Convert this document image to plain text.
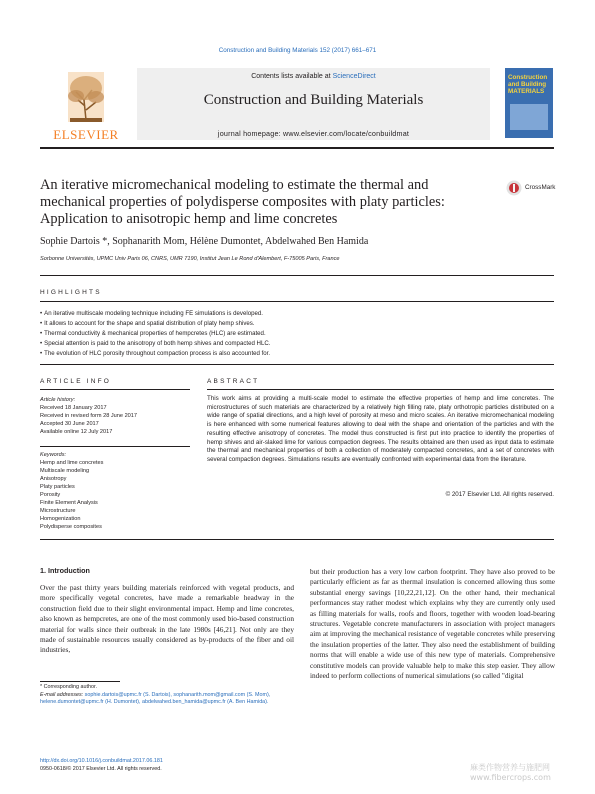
Construction and Building Materials 152 (2017) 661–671
ELSEVIER
Contents lists available at ScienceDirect
Construction and Building Materials
journal homepage: www.elsevier.com/locate/conbuildmat
Construction and Building MATERIALS
An iterative micromechanical modeling to estimate the thermal and mechanical properties of polydisperse composites with platy particles: Application to anisotropic hemp and lime concretes
CrossMark
Sophie Dartois *, Sophanarith Mom, Hélène Dumontet, Abdelwahed Ben Hamida
Sorbonne Universités, UPMC Univ Paris 06, CNRS, UMR 7190, Institut Jean Le Rond d'Alembert, F-75005 Paris, France
HIGHLIGHTS
• An iterative multiscale modeling technique including FE simulations is developed.
• It allows to account for the shape and spatial distribution of platy hemp shives.
• Thermal conductivity & mechanical properties of hempcretes (HLC) are estimated.
• Special attention is paid to the anisotropy of both hemp shives and compacted HLC.
• The evolution of HLC porosity throughout compaction process is also accounted for.
ARTICLE INFO
Article history:
Received 18 January 2017
Received in revised form 28 June 2017
Accepted 30 June 2017
Available online 12 July 2017
Keywords:
Hemp and lime concretes
Multiscale modeling
Anisotropy
Platy particles
Porosity
Finite Element Analysis
Microstructure
Homogenization
Polydisperse composites
ABSTRACT
This work aims at providing a multi-scale model to estimate the effective properties of hemp and lime concretes. The microstructures of such materials are characterized by a relatively high filling rate, platy orthotropic particles distributed on a wide range of spatial directions, and a high level of porosity at meso and micro scales. An iterative micromechanical modeling is here enhanced with some numerical features allowing to deal with the shape and orientation of the particles and with the resulting effective anisotropy of concretes. The model thus constructed is first put into practice to identify the properties of hemp shives and air-slaked lime for various compaction degrees. The results obtained are then used as input data to estimate the thermal and mechanical properties of both a collection of moderately compacted concretes, and a set of concretes with several compaction degrees. Simulations results are eventually confronted with experimental data from the literature.
© 2017 Elsevier Ltd. All rights reserved.
1. Introduction
Over the past thirty years building materials reinforced with vegetal products, and more specifically vegetal concretes, have made a remarkable headway in the construction field due to their slight environmental impact. Hemp and lime concretes, also known as hempcretes, are one of the most commonly used bio-based construction material for walls since their outbreak in the late 1980s [46,21]. Not only are they made of sustainable resources usually considered as by-products of the fiber and oil industries,
but their production has a very low carbon footprint. They have also proved to be particularly efficient as far as thermal insulation is concerned allowing thus some substantial energy savings [10,22,21,12]. On the other hand, their mechanical performances stay rather modest which explains why they are currently only used as filling materials for walls, roofs and floors, together with wooden load-bearing structures. Vegetable concrete manufacturers in association with project managers aim at improving the mechanical resistance of vegetable concretes while preserving the insulation properties of the latter. They also need the establishment of building norms that will enable a wide use of this new type of materials. Comprehensive constitutive models can provide valuable help to make this step easier. They allow indeed to perform collections of numerical simulations (so called "digital
* Corresponding author.
E-mail addresses: sophie.dartois@upmc.fr (S. Dartois), sophanarith.mom@gmail.com (S. Mom), helene.dumontet@upmc.fr (H. Dumontet), abdelwahed.ben_hamida@upmc.fr (A. Ben Hamida).
http://dx.doi.org/10.1016/j.conbuildmat.2017.06.181
0950-0618/© 2017 Elsevier Ltd. All rights reserved.	麻类作物营养与施肥网 www.fibercrops.com
